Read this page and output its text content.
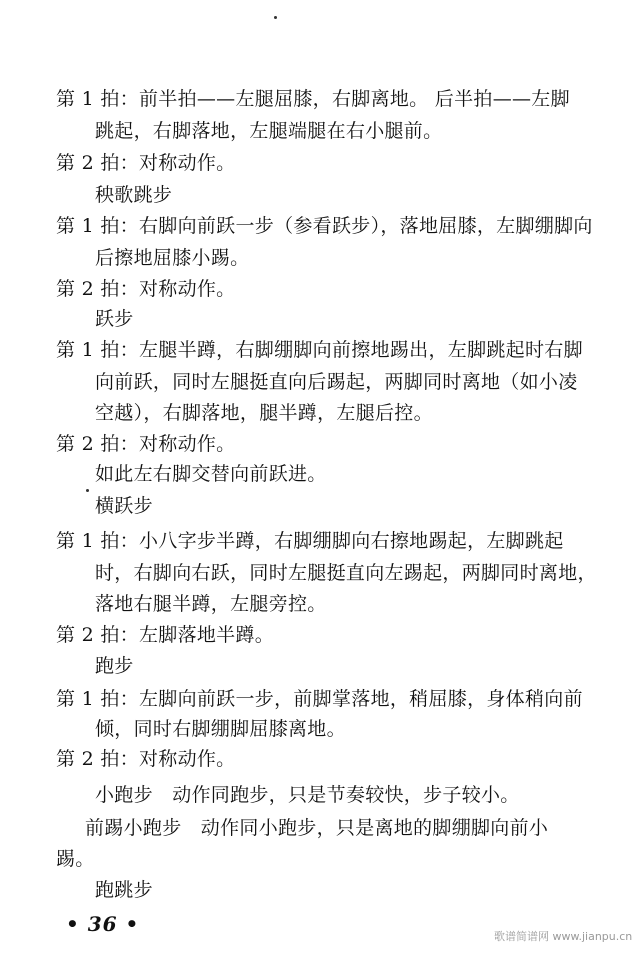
第 1 拍：前半拍——左腿屈膝，右脚离地。 后半拍——左脚
跳起，右脚落地，左腿端腿在右小腿前。
第 2 拍：对称动作。
秧歌跳步
第 1 拍：右脚向前跃一步（参看跃步），落地屈膝，左脚绷脚向
后擦地屈膝小踢。
第 2 拍：对称动作。
跃步
第 1 拍：左腿半蹲，右脚绷脚向前擦地踢出，左脚跳起时右脚
向前跃，同时左腿挺直向后踢起，两脚同时离地（如小凌
空越），右脚落地，腿半蹲，左腿后控。
第 2 拍：对称动作。
如此左右脚交替向前跃进。
横跃步
第 1 拍：小八字步半蹲，右脚绷脚向右擦地踢起，左脚跳起
时，右脚向右跃，同时左腿挺直向左踢起，两脚同时离地，
落地右腿半蹲，左腿旁控。
第 2 拍：左脚落地半蹲。
跑步
第 1 拍：左脚向前跃一步，前脚掌落地，稍屈膝，身体稍向前
倾，同时右脚绷脚屈膝离地。
第 2 拍：对称动作。
小跑步　动作同跑步，只是节奏较快，步子较小。
前踢小跑步　动作同小跑步，只是离地的脚绷脚向前小
踢。
跑跳步
• 36 •
歌谱简谱网 www.jianpu.cn
